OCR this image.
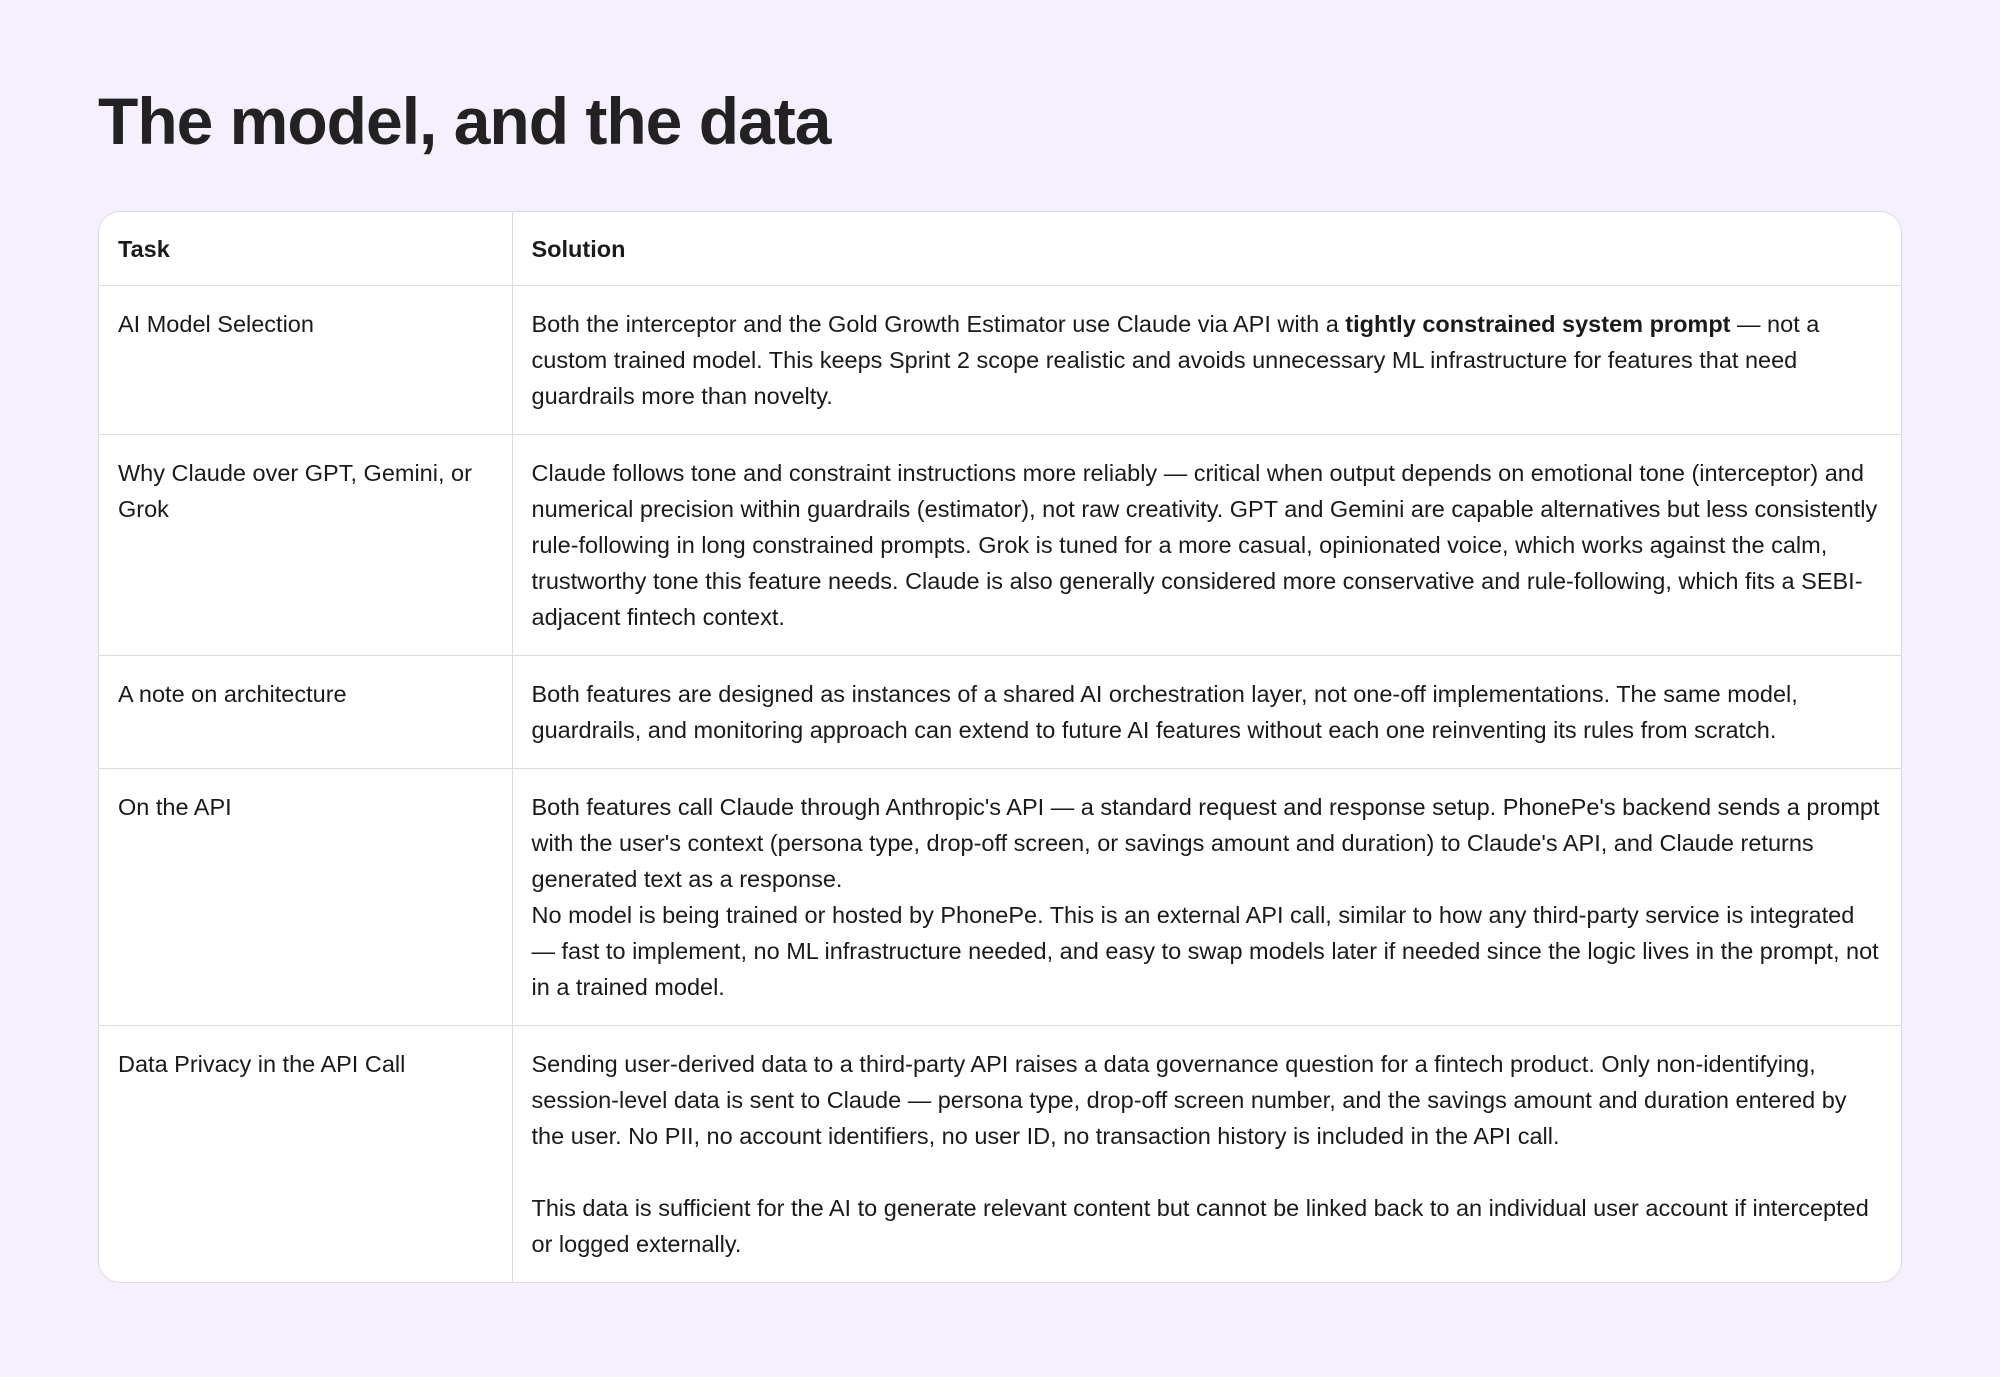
The model, and the data
Task	Solution
AI Model Selection	Both the interceptor and the Gold Growth Estimator use Claude via API with a tightly constrained system prompt — not a custom trained model. This keeps Sprint 2 scope realistic and avoids unnecessary ML infrastructure for features that need guardrails more than novelty.
Why Claude over GPT, Gemini, or Grok	Claude follows tone and constraint instructions more reliably — critical when output depends on emotional tone (interceptor) and numerical precision within guardrails (estimator), not raw creativity. GPT and Gemini are capable alternatives but less consistently rule-following in long constrained prompts. Grok is tuned for a more casual, opinionated voice, which works against the calm, trustworthy tone this feature needs. Claude is also generally considered more conservative and rule-following, which fits a SEBI-adjacent fintech context.
A note on architecture	Both features are designed as instances of a shared AI orchestration layer, not one-off implementations. The same model, guardrails, and monitoring approach can extend to future AI features without each one reinventing its rules from scratch.
On the API	Both features call Claude through Anthropic's API — a standard request and response setup. PhonePe's backend sends a prompt with the user's context (persona type, drop-off screen, or savings amount and duration) to Claude's API, and Claude returns generated text as a response.
No model is being trained or hosted by PhonePe. This is an external API call, similar to how any third-party service is integrated — fast to implement, no ML infrastructure needed, and easy to swap models later if needed since the logic lives in the prompt, not in a trained model.

Data Privacy in the API Call	Sending user-derived data to a third-party API raises a data governance question for a fintech product. Only non-identifying, session-level data is sent to Claude — persona type, drop-off screen number, and the savings amount and duration entered by the user. No PII, no account identifiers, no user ID, no transaction history is included in the API call.
This data is sufficient for the AI to generate relevant content but cannot be linked back to an individual user account if intercepted or logged externally.
